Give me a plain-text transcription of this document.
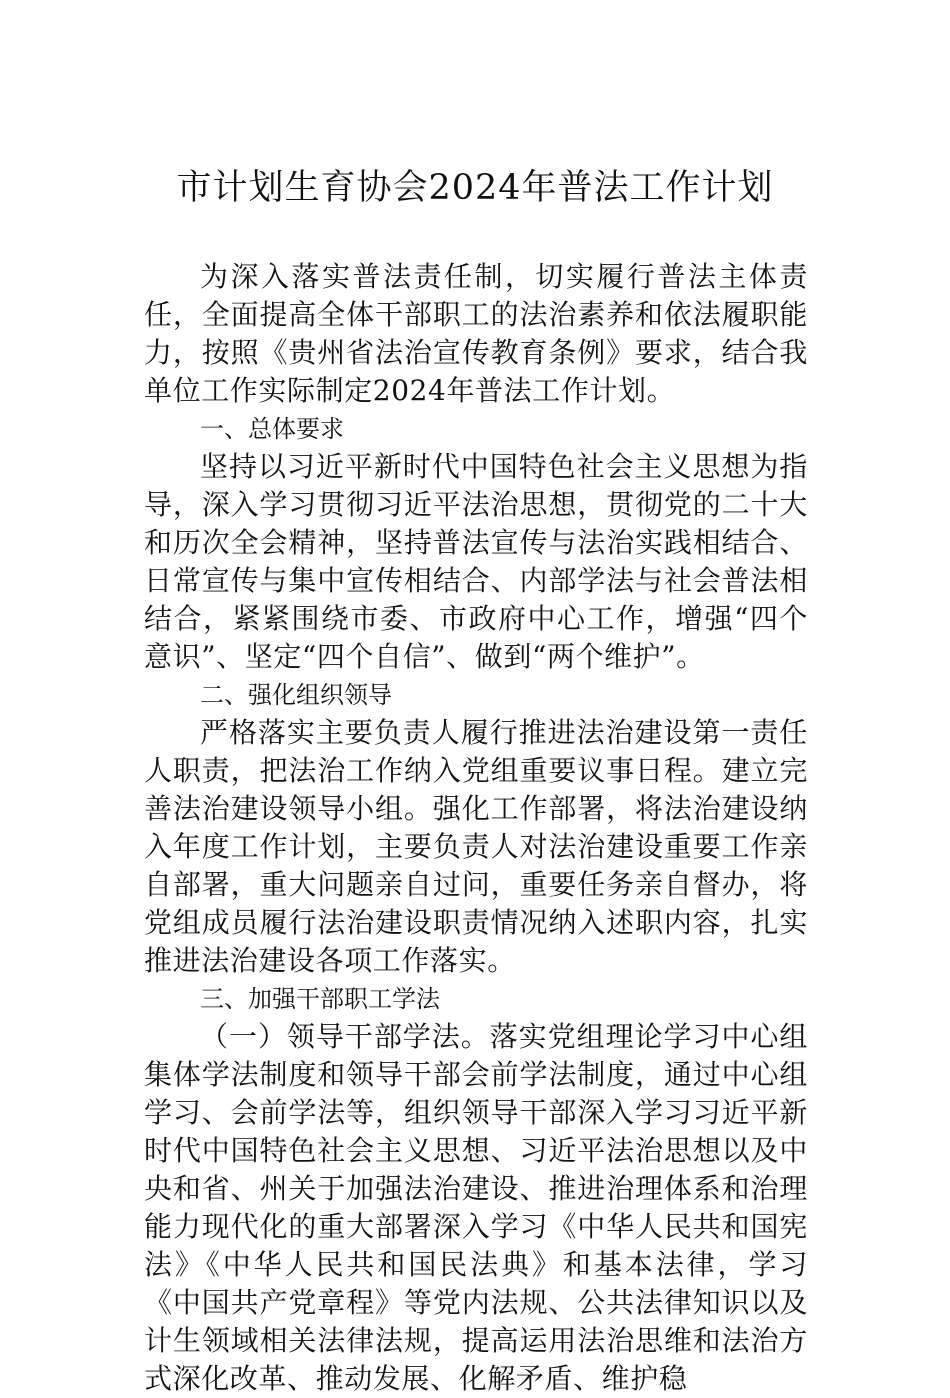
市计划生育协会2024年普法工作计划

为深入落实普法责任制，切实履行普法主体责任，全面提高全体干部职工的法治素养和依法履职能力，按照《贵州省法治宣传教育条例》要求，结合我单位工作实际制定2024年普法工作计划。

一、总体要求

坚持以习近平新时代中国特色社会主义思想为指导，深入学习贯彻习近平法治思想，贯彻党的二十大和历次全会精神，坚持普法宣传与法治实践相结合、日常宣传与集中宣传相结合、内部学法与社会普法相结合，紧紧围绕市委、市政府中心工作，增强“四个意识”、坚定“四个自信”、做到“两个维护”。

二、强化组织领导

严格落实主要负责人履行推进法治建设第一责任人职责，把法治工作纳入党组重要议事日程。建立完善法治建设领导小组。强化工作部署，将法治建设纳入年度工作计划，主要负责人对法治建设重要工作亲自部署，重大问题亲自过问，重要任务亲自督办，将党组成员履行法治建设职责情况纳入述职内容，扎实推进法治建设各项工作落实。

三、加强干部职工学法

（一）领导干部学法。落实党组理论学习中心组集体学法制度和领导干部会前学法制度，通过中心组学习、会前学法等，组织领导干部深入学习习近平新时代中国特色社会主义思想、习近平法治思想以及中央和省、州关于加强法治建设、推进治理体系和治理能力现代化的重大部署深入学习《中华人民共和国宪法》《中华人民共和国民法典》和基本法律，学习《中国共产党章程》等党内法规、公共法律知识以及计生领域相关法律法规，提高运用法治思维和法治方式深化改革、推动发展、化解矛盾、维护稳
